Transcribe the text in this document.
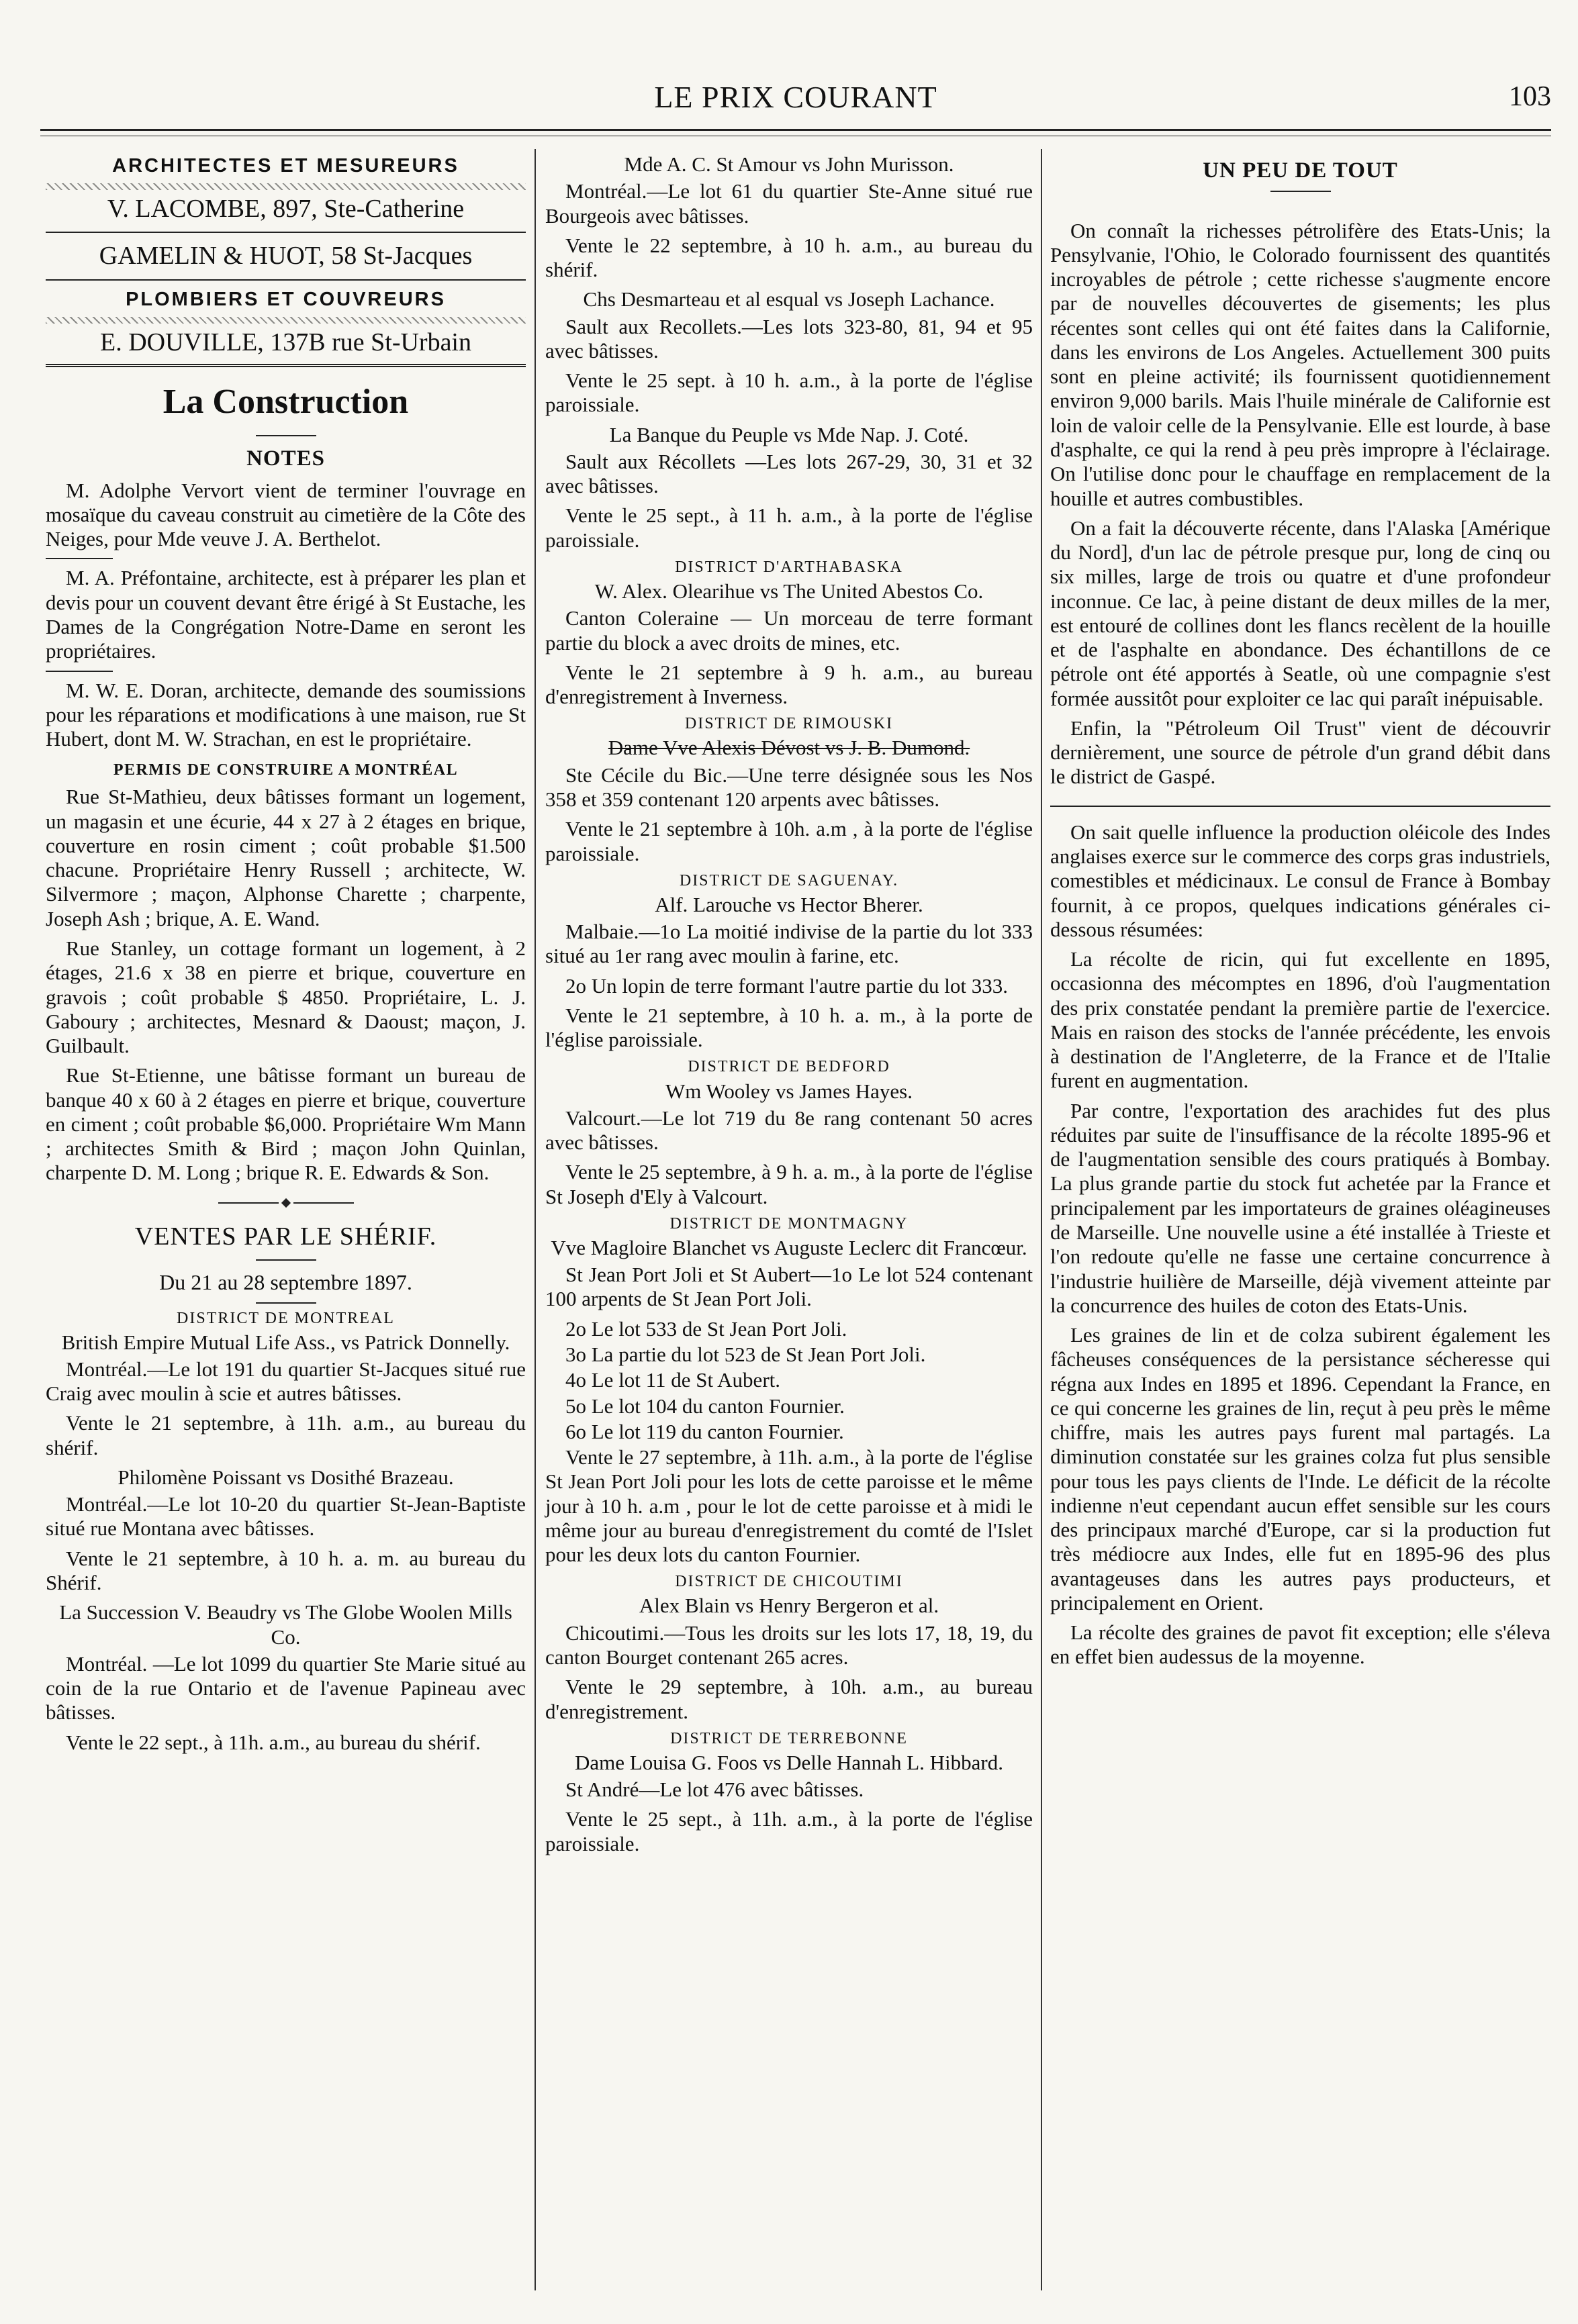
LE PRIX COURANT	103
ARCHITECTES ET MESUREURS
V. LACOMBE, 897, Ste-Catherine
GAMELIN & HUOT, 58 St-Jacques
PLOMBIERS ET COUVREURS
E. DOUVILLE, 137B rue St-Urbain
La Construction
NOTES

M. Adolphe Vervort vient de terminer l'ouvrage en mosaïque du caveau construit au cimetière de la Côte des Neiges, pour Mde veuve J. A. Berthelot.

M. A. Préfontaine, architecte, est à préparer les plan et devis pour un couvent devant être érigé à St Eustache, les Dames de la Congrégation Notre-Dame en seront les propriétaires.

M. W. E. Doran, architecte, demande des soumissions pour les réparations et modifications à une maison, rue St Hubert, dont M. W. Strachan, en est le propriétaire.

PERMIS DE CONSTRUIRE A MONTRÉAL

Rue St-Mathieu, deux bâtisses formant un logement, un magasin et une écurie, 44 x 27 à 2 étages en brique, couverture en rosin ciment ; coût probable $1.500 chacune. Propriétaire Henry Russell ; architecte, W. Silvermore ; maçon, Alphonse Charette ; charpente, Joseph Ash ; brique, A. E. Wand.

Rue Stanley, un cottage formant un logement, à 2 étages, 21.6 x 38 en pierre et brique, couverture en gravois ; coût probable $ 4850. Propriétaire, L. J. Gaboury ; architectes, Mesnard & Daoust; maçon, J. Guilbault.

Rue St-Etienne, une bâtisse formant un bureau de banque 40 x 60 à 2 étages en pierre et brique, couverture en ciment ; coût probable $6,000. Propriétaire Wm Mann ; architectes Smith & Bird ; maçon John Quinlan, charpente D. M. Long ; brique R. E. Edwards & Son.

VENTES PAR LE SHÉRIF.
Du 21 au 28 septembre 1897.
DISTRICT DE MONTREAL
British Empire Mutual Life Ass., vs Patrick Donnelly.

Montréal.—Le lot 191 du quartier St-Jacques situé rue Craig avec moulin à scie et autres bâtisses.

Vente le 21 septembre, à 11h. a.m., au bureau du shérif.

Philomène Poissant vs Dosithé Brazeau.

Montréal.—Le lot 10-20 du quartier St-Jean-Baptiste situé rue Montana avec bâtisses.

Vente le 21 septembre, à 10 h. a. m. au bureau du Shérif.

La Succession V. Beaudry vs The Globe Woolen Mills Co.

Montréal. —Le lot 1099 du quartier Ste Marie situé au coin de la rue Ontario et de l'avenue Papineau avec bâtisses.

Vente le 22 sept., à 11h. a.m., au bureau du shérif.

Mde A. C. St Amour vs John Murisson.

Montréal.—Le lot 61 du quartier Ste-Anne situé rue Bourgeois avec bâtisses.

Vente le 22 septembre, à 10 h. a.m., au bureau du shérif.

Chs Desmarteau et al esqual vs Joseph Lachance.

Sault aux Recollets.—Les lots 323-80, 81, 94 et 95 avec bâtisses.

Vente le 25 sept. à 10 h. a.m., à la porte de l'église paroissiale.

La Banque du Peuple vs Mde Nap. J. Coté.

Sault aux Récollets —Les lots 267-29, 30, 31 et 32 avec bâtisses.

Vente le 25 sept., à 11 h. a.m., à la porte de l'église paroissiale.

DISTRICT D'ARTHABASKA
W. Alex. Olearihue vs The United Abestos Co.

Canton Coleraine — Un morceau de terre formant partie du block a avec droits de mines, etc.

Vente le 21 septembre à 9 h. a.m., au bureau d'enregistrement à Inverness.

DISTRICT DE RIMOUSKI
Dame Vve Alexis Dévost vs J. B. Dumond.

Ste Cécile du Bic.—Une terre désignée sous les Nos 358 et 359 contenant 120 arpents avec bâtisses.

Vente le 21 septembre à 10h. a.m , à la porte de l'église paroissiale.

DISTRICT DE SAGUENAY.
Alf. Larouche vs Hector Bherer.

Malbaie.—1o La moitié indivise de la partie du lot 333 situé au 1er rang avec moulin à farine, etc.

2o Un lopin de terre formant l'autre partie du lot 333.

Vente le 21 septembre, à 10 h. a. m., à la porte de l'église paroissiale.

DISTRICT DE BEDFORD
Wm Wooley vs James Hayes.

Valcourt.—Le lot 719 du 8e rang contenant 50 acres avec bâtisses.

Vente le 25 septembre, à 9 h. a. m., à la porte de l'église St Joseph d'Ely à Valcourt.

DISTRICT DE MONTMAGNY
Vve Magloire Blanchet vs Auguste Leclerc dit Francœur.

St Jean Port Joli et St Aubert—1o Le lot 524 contenant 100 arpents de St Jean Port Joli.

2o Le lot 533 de St Jean Port Joli.

3o La partie du lot 523 de St Jean Port Joli.

4o Le lot 11 de St Aubert.

5o Le lot 104 du canton Fournier.

6o Le lot 119 du canton Fournier.

Vente le 27 septembre, à 11h. a.m., à la porte de l'église St Jean Port Joli pour les lots de cette paroisse et le même jour à 10 h. a.m , pour le lot de cette paroisse et à midi le même jour au bureau d'enregistrement du comté de l'Islet pour les deux lots du canton Fournier.

DISTRICT DE CHICOUTIMI
Alex Blain vs Henry Bergeron et al.

Chicoutimi.—Tous les droits sur les lots 17, 18, 19, du canton Bourget contenant 265 acres.

Vente le 29 septembre, à 10h. a.m., au bureau d'enregistrement.

DISTRICT DE TERREBONNE
Dame Louisa G. Foos vs Delle Hannah L. Hibbard.

St André—Le lot 476 avec bâtisses.

Vente le 25 sept., à 11h. a.m., à la porte de l'église paroissiale.

UN PEU DE TOUT

On connaît la richesses pétrolifère des Etats-Unis; la Pensylvanie, l'Ohio, le Colorado fournissent des quantités incroyables de pétrole ; cette richesse s'augmente encore par de nouvelles découvertes de gisements; les plus récentes sont celles qui ont été faites dans la Californie, dans les environs de Los Angeles. Actuellement 300 puits sont en pleine activité; ils fournissent quotidiennement environ 9,000 barils. Mais l'huile minérale de Californie est loin de valoir celle de la Pensylvanie. Elle est lourde, à base d'asphalte, ce qui la rend à peu près impropre à l'éclairage. On l'utilise donc pour le chauffage en remplacement de la houille et autres combustibles.

On a fait la découverte récente, dans l'Alaska [Amérique du Nord], d'un lac de pétrole presque pur, long de cinq ou six milles, large de trois ou quatre et d'une profondeur inconnue. Ce lac, à peine distant de deux milles de la mer, est entouré de collines dont les flancs recèlent de la houille et de l'asphalte en abondance. Des échantillons de ce pétrole ont été apportés à Seatle, où une compagnie s'est formée aussitôt pour exploiter ce lac qui paraît inépuisable.

Enfin, la "Pétroleum Oil Trust" vient de découvrir dernièrement, une source de pétrole d'un grand débit dans le district de Gaspé.

On sait quelle influence la production oléicole des Indes anglaises exerce sur le commerce des corps gras industriels, comestibles et médicinaux. Le consul de France à Bombay fournit, à ce propos, quelques indications générales ci-dessous résumées:

La récolte de ricin, qui fut excellente en 1895, occasionna des mécomptes en 1896, d'où l'augmentation des prix constatée pendant la première partie de l'exercice. Mais en raison des stocks de l'année précédente, les envois à destination de l'Angleterre, de la France et de l'Italie furent en augmentation.

Par contre, l'exportation des arachides fut des plus réduites par suite de l'insuffisance de la récolte 1895-96 et de l'augmentation sensible des cours pratiqués à Bombay. La plus grande partie du stock fut achetée par la France et principalement par les importateurs de graines oléagineuses de Marseille. Une nouvelle usine a été installée à Trieste et l'on redoute qu'elle ne fasse une certaine concurrence à l'industrie huilière de Marseille, déjà vivement atteinte par la concurrence des huiles de coton des Etats-Unis.

Les graines de lin et de colza subirent également les fâcheuses conséquences de la persistance sécheresse qui régna aux Indes en 1895 et 1896. Cependant la France, en ce qui concerne les graines de lin, reçut à peu près le même chiffre, mais les autres pays furent mal partagés. La diminution constatée sur les graines colza fut plus sensible pour tous les pays clients de l'Inde. Le déficit de la récolte indienne n'eut cependant aucun effet sensible sur les cours des principaux marché d'Europe, car si la production fut très médiocre aux Indes, elle fut en 1895-96 des plus avantageuses dans les autres pays producteurs, et principalement en Orient.

La récolte des graines de pavot fit exception; elle s'éleva en effet bien audessus de la moyenne.
